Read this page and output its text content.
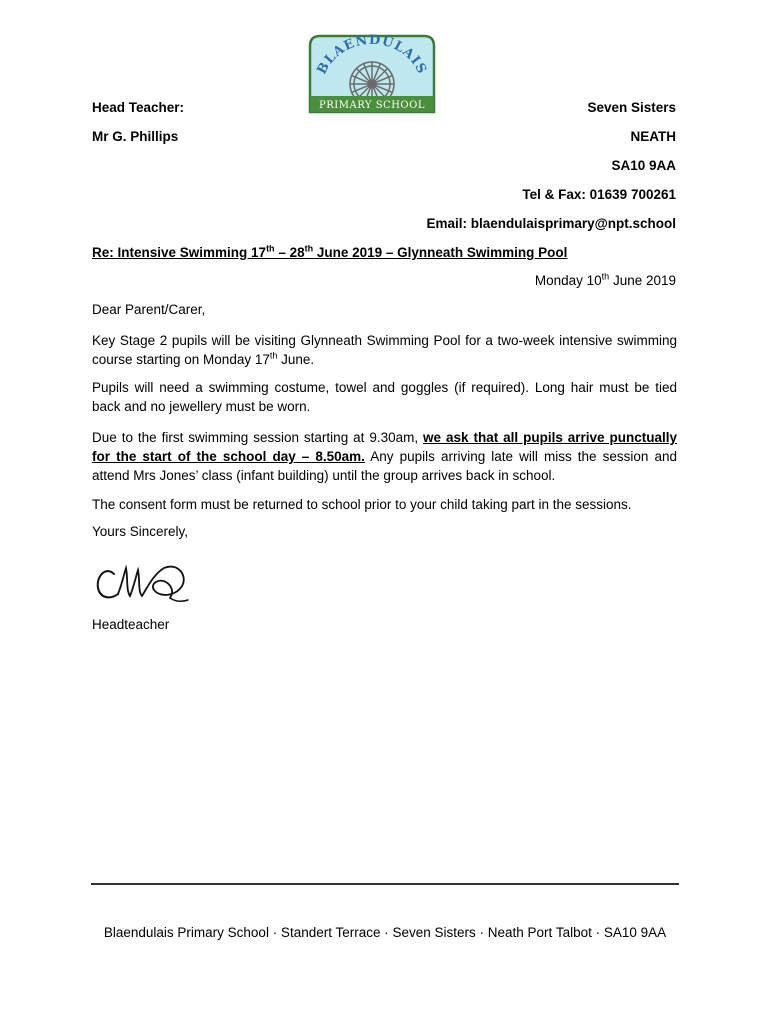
BLAENDULAIS
PRIMARY SCHOOL
Head Teacher:
Mr G. Phillips
Seven Sisters
NEATH
SA10 9AA
Tel & Fax: 01639 700261
Email: blaendulaisprimary@npt.school
Re: Intensive Swimming 17th – 28th June 2019 – Glynneath Swimming Pool
Monday 10th June 2019
Dear Parent/Carer,
Key Stage 2 pupils will be visiting Glynneath Swimming Pool for a two-week intensive swimming course starting on Monday 17th June.
Pupils will need a swimming costume, towel and goggles (if required). Long hair must be tied back and no jewellery must be worn.
Due to the first swimming session starting at 9.30am, we ask that all pupils arrive punctually for the start of the school day – 8.50am. Any pupils arriving late will miss the session and attend Mrs Jones’ class (infant building) until the group arrives back in school.
The consent form must be returned to school prior to your child taking part in the sessions.
Yours Sincerely,
Headteacher
Blaendulais Primary School · Standert Terrace · Seven Sisters · Neath Port Talbot · SA10 9AA
